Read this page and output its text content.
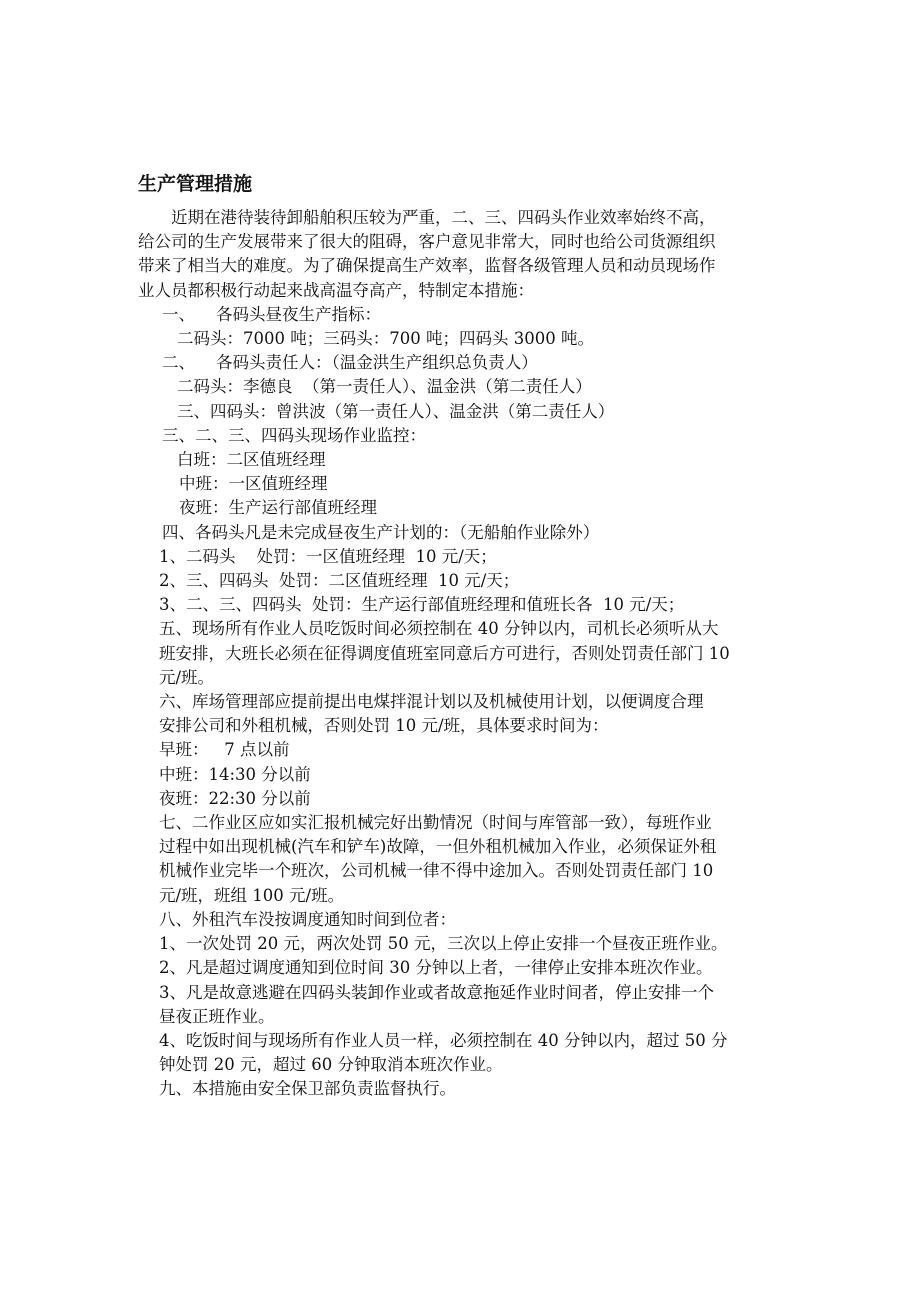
生产管理措施

近期在港待装待卸船舶积压较为严重，二、三、四码头作业效率始终不高，

给公司的生产发展带来了很大的阻碍，客户意见非常大，同时也给公司货源组织

带来了相当大的难度。为了确保提高生产效率，监督各级管理人员和动员现场作

业人员都积极行动起来战高温夺高产，特制定本措施：

一、    各码头昼夜生产指标：

二码头：7000 吨；三码头：700 吨；四码头 3000 吨。

二、    各码头责任人：（温金洪生产组织总负责人）

二码头：李德良  （第一责任人）、温金洪（第二责任人）

三、四码头：曾洪波（第一责任人）、温金洪（第二责任人）

三、二、三、四码头现场作业监控：

白班：二区值班经理

中班：一区值班经理

夜班：生产运行部值班经理

四、各码头凡是未完成昼夜生产计划的：（无船舶作业除外）

1、二码头    处罚：一区值班经理  10 元/天；

2、三、四码头  处罚：二区值班经理  10 元/天；

3、二、三、四码头  处罚：生产运行部值班经理和值班长各  10 元/天；

五、现场所有作业人员吃饭时间必须控制在 40 分钟以内，司机长必须听从大

班安排，大班长必须在征得调度值班室同意后方可进行，否则处罚责任部门 10

元/班。

六、库场管理部应提前提出电煤拌混计划以及机械使用计划，以便调度合理

安排公司和外租机械，否则处罚 10 元/班，具体要求时间为：

早班：   7 点以前

中班：14:30 分以前

夜班：22:30 分以前

七、二作业区应如实汇报机械完好出勤情况（时间与库管部一致），每班作业

过程中如出现机械(汽车和铲车)故障，一但外租机械加入作业，必须保证外租

机械作业完毕一个班次，公司机械一律不得中途加入。否则处罚责任部门 10

元/班，班组 100 元/班。

八、外租汽车没按调度通知时间到位者：

1、一次处罚 20 元，两次处罚 50 元，三次以上停止安排一个昼夜正班作业。

2、凡是超过调度通知到位时间 30 分钟以上者，一律停止安排本班次作业。

3、凡是故意逃避在四码头装卸作业或者故意拖延作业时间者，停止安排一个

昼夜正班作业。

4、吃饭时间与现场所有作业人员一样，必须控制在 40 分钟以内，超过 50 分

钟处罚 20 元，超过 60 分钟取消本班次作业。

九、本措施由安全保卫部负责监督执行。
